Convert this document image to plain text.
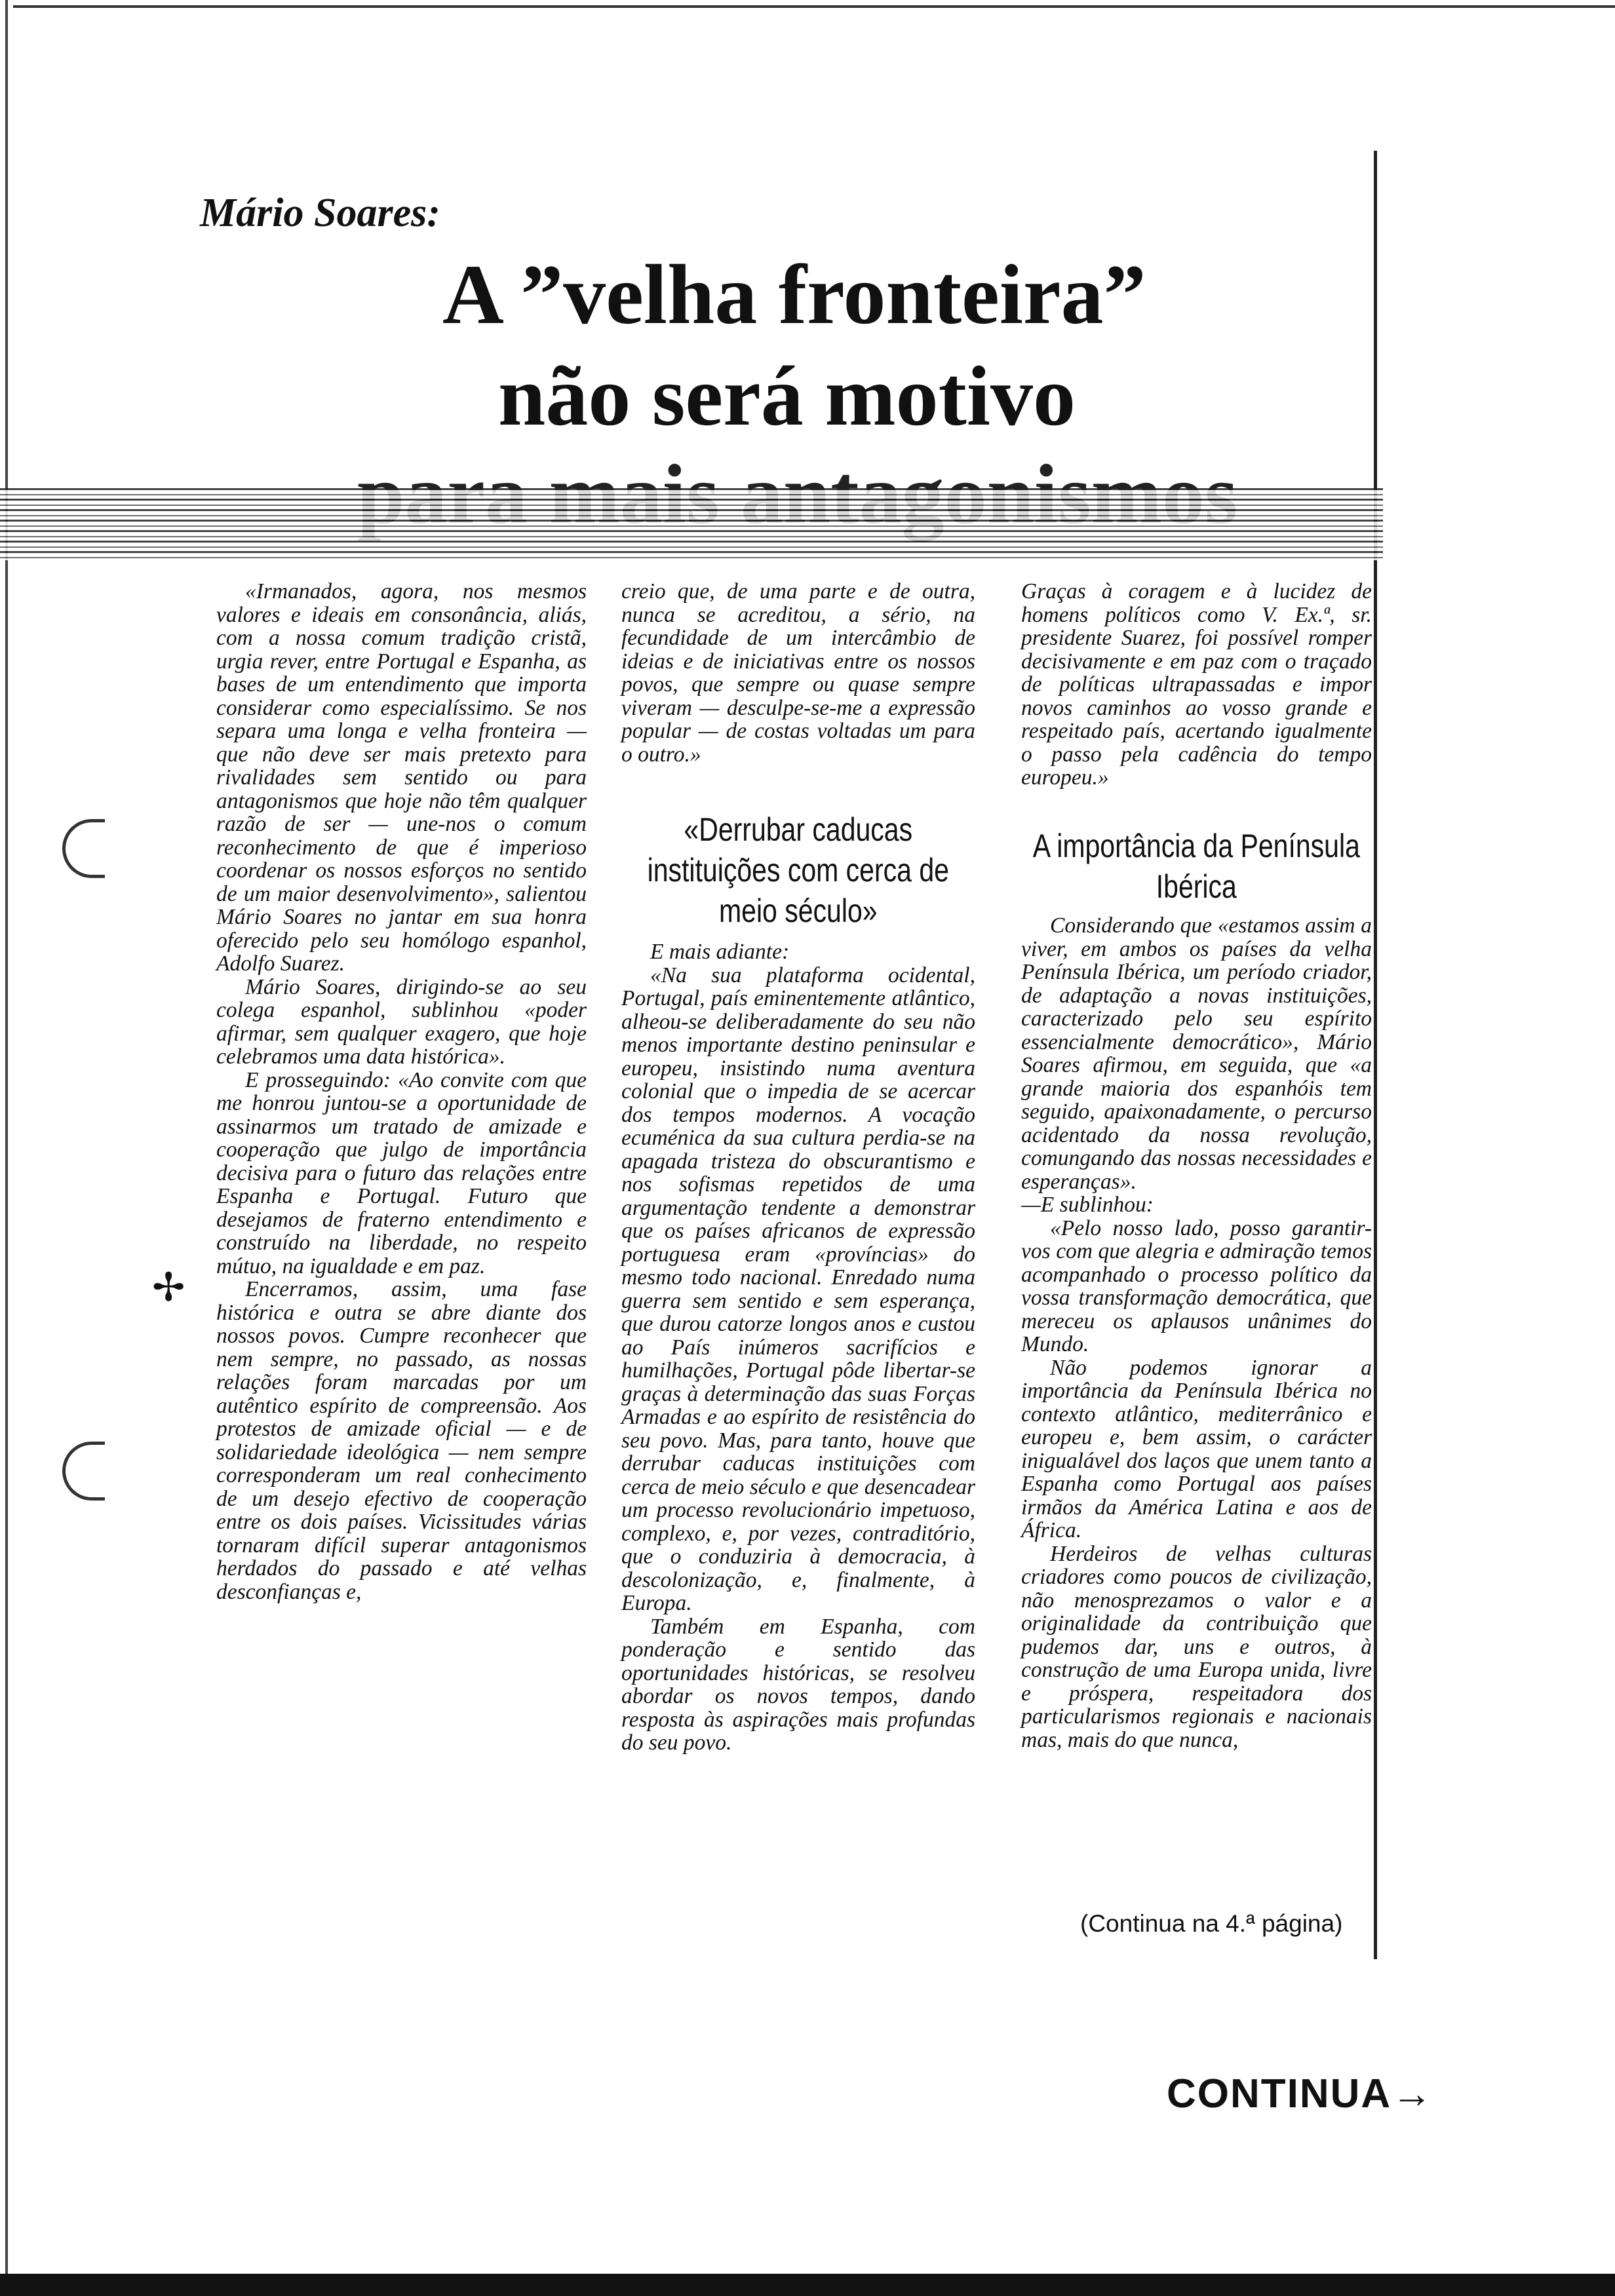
Mário Soares:
A ”velha fronteira”
não será motivo

«Irmanados, agora, nos mesmos valores e ideais em consonância, aliás, com a nossa comum tradição cristã, urgia rever, entre Portugal e Espanha, as bases de um entendimento que importa considerar como especialíssimo. Se nos separa uma longa e velha fronteira — que não deve ser mais pretexto para rivalidades sem sentido ou para antagonismos que hoje não têm qualquer razão de ser — une-nos o comum reconhecimento de que é imperioso coordenar os nossos esforços no sentido de um maior desenvolvimento», salientou Mário Soares no jantar em sua honra oferecido pelo seu homólogo espanhol, Adolfo Suarez.

Mário Soares, dirigindo-se ao seu colega espanhol, sublinhou «poder afirmar, sem qualquer exagero, que hoje celebramos uma data histórica».

E prosseguindo: «Ao convite com que me honrou juntou-se a oportunidade de assinarmos um tratado de amizade e cooperação que julgo de importância decisiva para o futuro das relações entre Espanha e Portugal. Futuro que desejamos de fraterno entendimento e construído na liberdade, no respeito mútuo, na igualdade e em paz.

Encerramos, assim, uma fase histórica e outra se abre diante dos nossos povos. Cumpre reconhecer que nem sempre, no passado, as nossas relações foram marcadas por um autêntico espírito de compreensão. Aos protestos de amizade oficial — e de solidariedade ideológica — nem sempre corresponderam um real conhecimento de um desejo efectivo de cooperação entre os dois países. Vicissitudes várias tornaram difícil superar antagonismos herdados do passado e até velhas desconfianças e,

✢

creio que, de uma parte e de outra, nunca se acreditou, a sério, na fecundidade de um intercâmbio de ideias e de iniciativas entre os nossos povos, que sempre ou quase sempre viveram — desculpe-se-me a expressão popular — de costas voltadas um para o outro.»

«Derrubar caducas instituições com cerca de meio século»

E mais adiante:

«Na sua plataforma ocidental, Portugal, país eminentemente atlântico, alheou-se deliberadamente do seu não menos importante destino peninsular e europeu, insistindo numa aventura colonial que o impedia de se acercar dos tempos modernos. A vocação ecuménica da sua cultura perdia-se na apagada tristeza do obscurantismo e nos sofismas repetidos de uma argumentação tendente a demonstrar que os países africanos de expressão portuguesa eram «províncias» do mesmo todo nacional. Enredado numa guerra sem sentido e sem esperança, que durou catorze longos anos e custou ao País inúmeros sacrifícios e humilhações, Portugal pôde libertar-se graças à determinação das suas Forças Armadas e ao espírito de resistência do seu povo. Mas, para tanto, houve que derrubar caducas instituições com cerca de meio século e que desencadear um processo revolucionário impetuoso, complexo, e, por vezes, contraditório, que o conduziria à democracia, à descolonização, e, finalmente, à Europa.

Também em Espanha, com ponderação e sentido das oportunidades históricas, se resolveu abordar os novos tempos, dando resposta às aspirações mais profundas do seu povo.

Graças à coragem e à lucidez de homens políticos como V. Ex.ª, sr. presidente Suarez, foi possível romper decisivamente e em paz com o traçado de políticas ultrapassadas e impor novos caminhos ao vosso grande e respeitado país, acertando igualmente o passo pela cadência do tempo europeu.»

A importância da Península Ibérica

Considerando que «estamos assim a viver, em ambos os países da velha Península Ibérica, um período criador, de adaptação a novas instituições, caracterizado pelo seu espírito essencialmente democrático», Mário Soares afirmou, em seguida, que «a grande maioria dos espanhóis tem seguido, apaixonadamente, o percurso acidentado da nossa revolução, comungando das nossas necessidades e esperanças».

—E sublinhou:

«Pelo nosso lado, posso garantir-vos com que alegria e admiração temos acompanhado o processo político da vossa transformação democrática, que mereceu os aplausos unânimes do Mundo.

Não podemos ignorar a importância da Península Ibérica no contexto atlântico, mediterrânico e europeu e, bem assim, o carácter inigualável dos laços que unem tanto a Espanha como Portugal aos países irmãos da América Latina e aos de África.

Herdeiros de velhas culturas criadores como poucos de civilização, não menosprezamos o valor e a originalidade da contribuição que pudemos dar, uns e outros, à construção de uma Europa unida, livre e próspera, respeitadora dos particularismos regionais e nacionais mas, mais do que nunca,

(Continua na 4.ª página)
CONTINUA→
